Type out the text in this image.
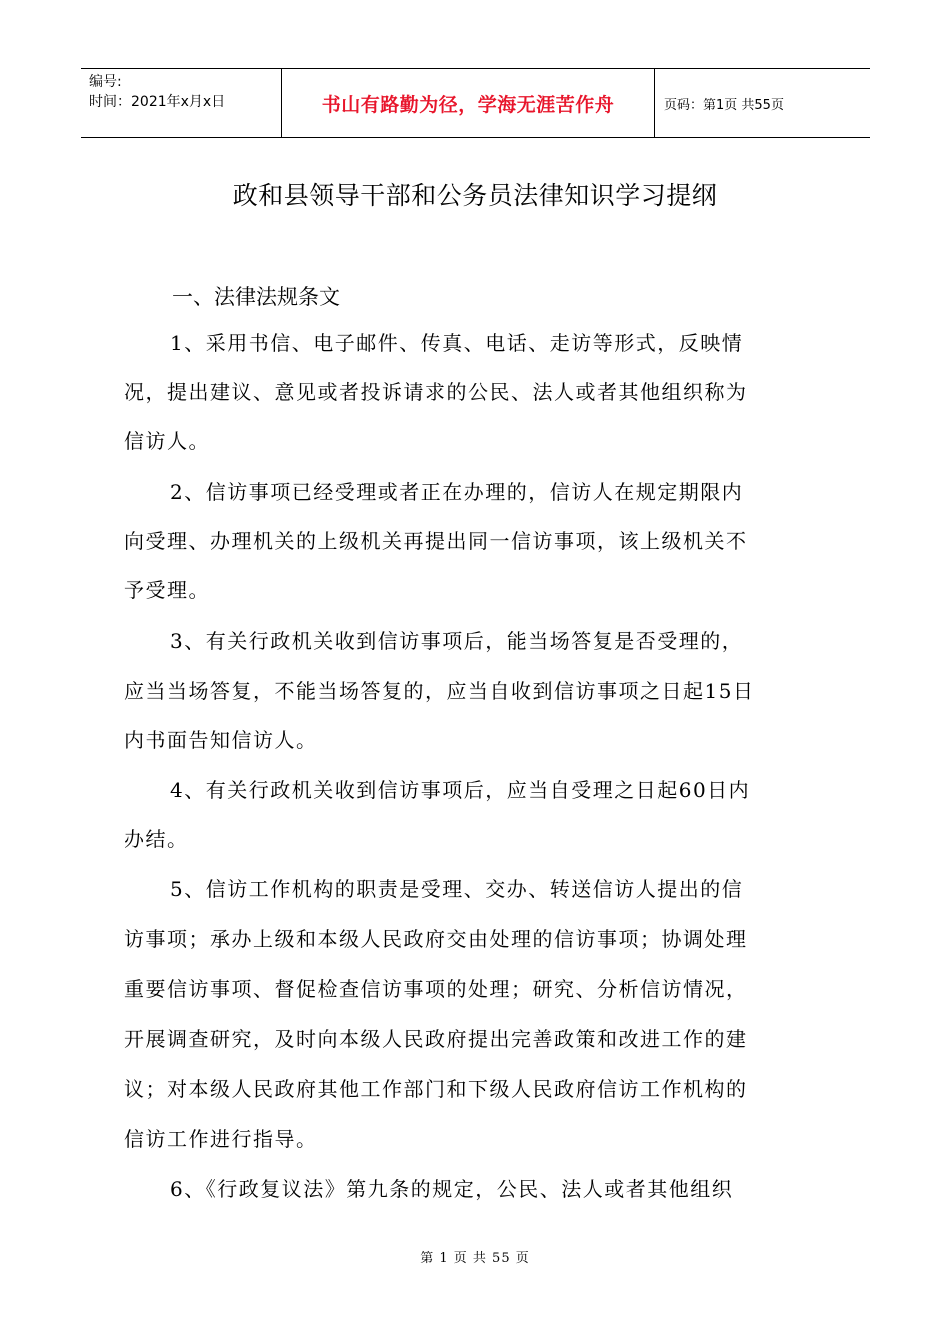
编号:
时间：2021年x月x日	书山有路勤为径，学海无涯苦作舟	页码：第1页 共55页
政和县领导干部和公务员法律知识学习提纲
一、法律法规条文
1、采用书信、电子邮件、传真、电话、走访等形式，反映情
况，提出建议、意见或者投诉请求的公民、法人或者其他组织称为
信访人。
2、信访事项已经受理或者正在办理的，信访人在规定期限内
向受理、办理机关的上级机关再提出同一信访事项，该上级机关不
予受理。
3、有关行政机关收到信访事项后，能当场答复是否受理的，
应当当场答复，不能当场答复的，应当自收到信访事项之日起15日
内书面告知信访人。
4、有关行政机关收到信访事项后，应当自受理之日起60日内
办结。
5、信访工作机构的职责是受理、交办、转送信访人提出的信
访事项；承办上级和本级人民政府交由处理的信访事项；协调处理
重要信访事项、督促检查信访事项的处理；研究、分析信访情况，
开展调查研究，及时向本级人民政府提出完善政策和改进工作的建
议；对本级人民政府其他工作部门和下级人民政府信访工作机构的
信访工作进行指导。
6、《行政复议法》第九条的规定，公民、法人或者其他组织
第 1 页 共 55 页
